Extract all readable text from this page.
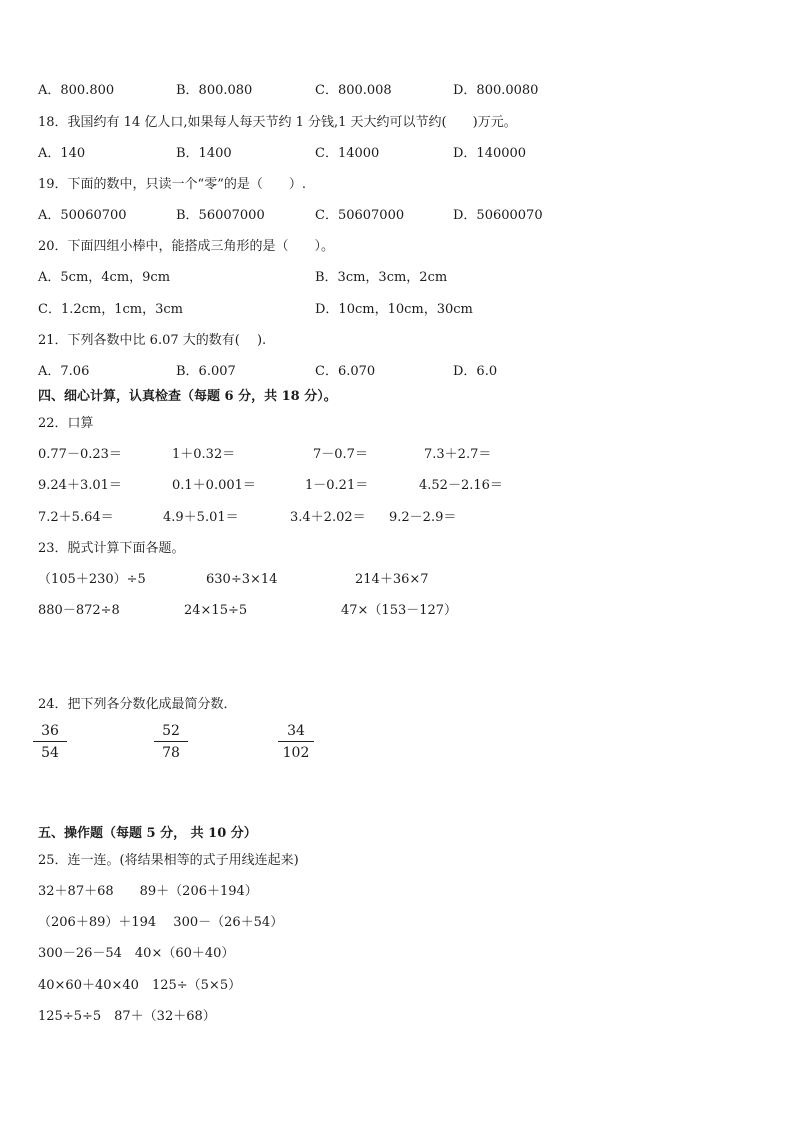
A．800.800	B．800.080	C．800.008	D．800.0080
18．我国约有 14 亿人口,如果每人每天节约 1 分钱,1 天大约可以节约(　　)万元。
A．140	B．1400	C．14000	D．140000
19．下面的数中，只读一个“零”的是（　　）.
A．50060700	B．56007000	C．50607000	D．50600070
20．下面四组小棒中，能搭成三角形的是（　　）。
A．5cm，4cm，9cm	B．3cm，3cm，2cm
C．1.2cm，1cm，3cm	D．10cm，10cm，30cm
21．下列各数中比 6.07 大的数有(　 ).
A．7.06	B．6.007	C．6.070	D．6.0
四、细心计算，认真检查（每题 6 分，共 18 分）。
22．口算
0.77－0.23＝	1＋0.32＝	7－0.7＝	7.3＋2.7＝
9.24＋3.01＝	0.1＋0.001＝	1－0.21＝	4.52－2.16＝
7.2＋5.64＝	4.9＋5.01＝	3.4＋2.02＝ 9.2－2.9＝
23．脱式计算下面各题。
（105＋230）÷5	630÷3×14	214＋36×7
880－872÷8	24×15÷5	47×（153－127）
24．把下列各分数化成最简分数．
36
54
52
78
34
102
五、操作题（每题 5 分， 共 10 分）
25．连一连。(将结果相等的式子用线连起来)
32＋87＋68　　89＋（206＋194）
（206＋89）＋194　 300－（26＋54）
300－26－54　40×（60＋40）
40×60＋40×40　125÷（5×5）
125÷5÷5　87＋（32＋68）
